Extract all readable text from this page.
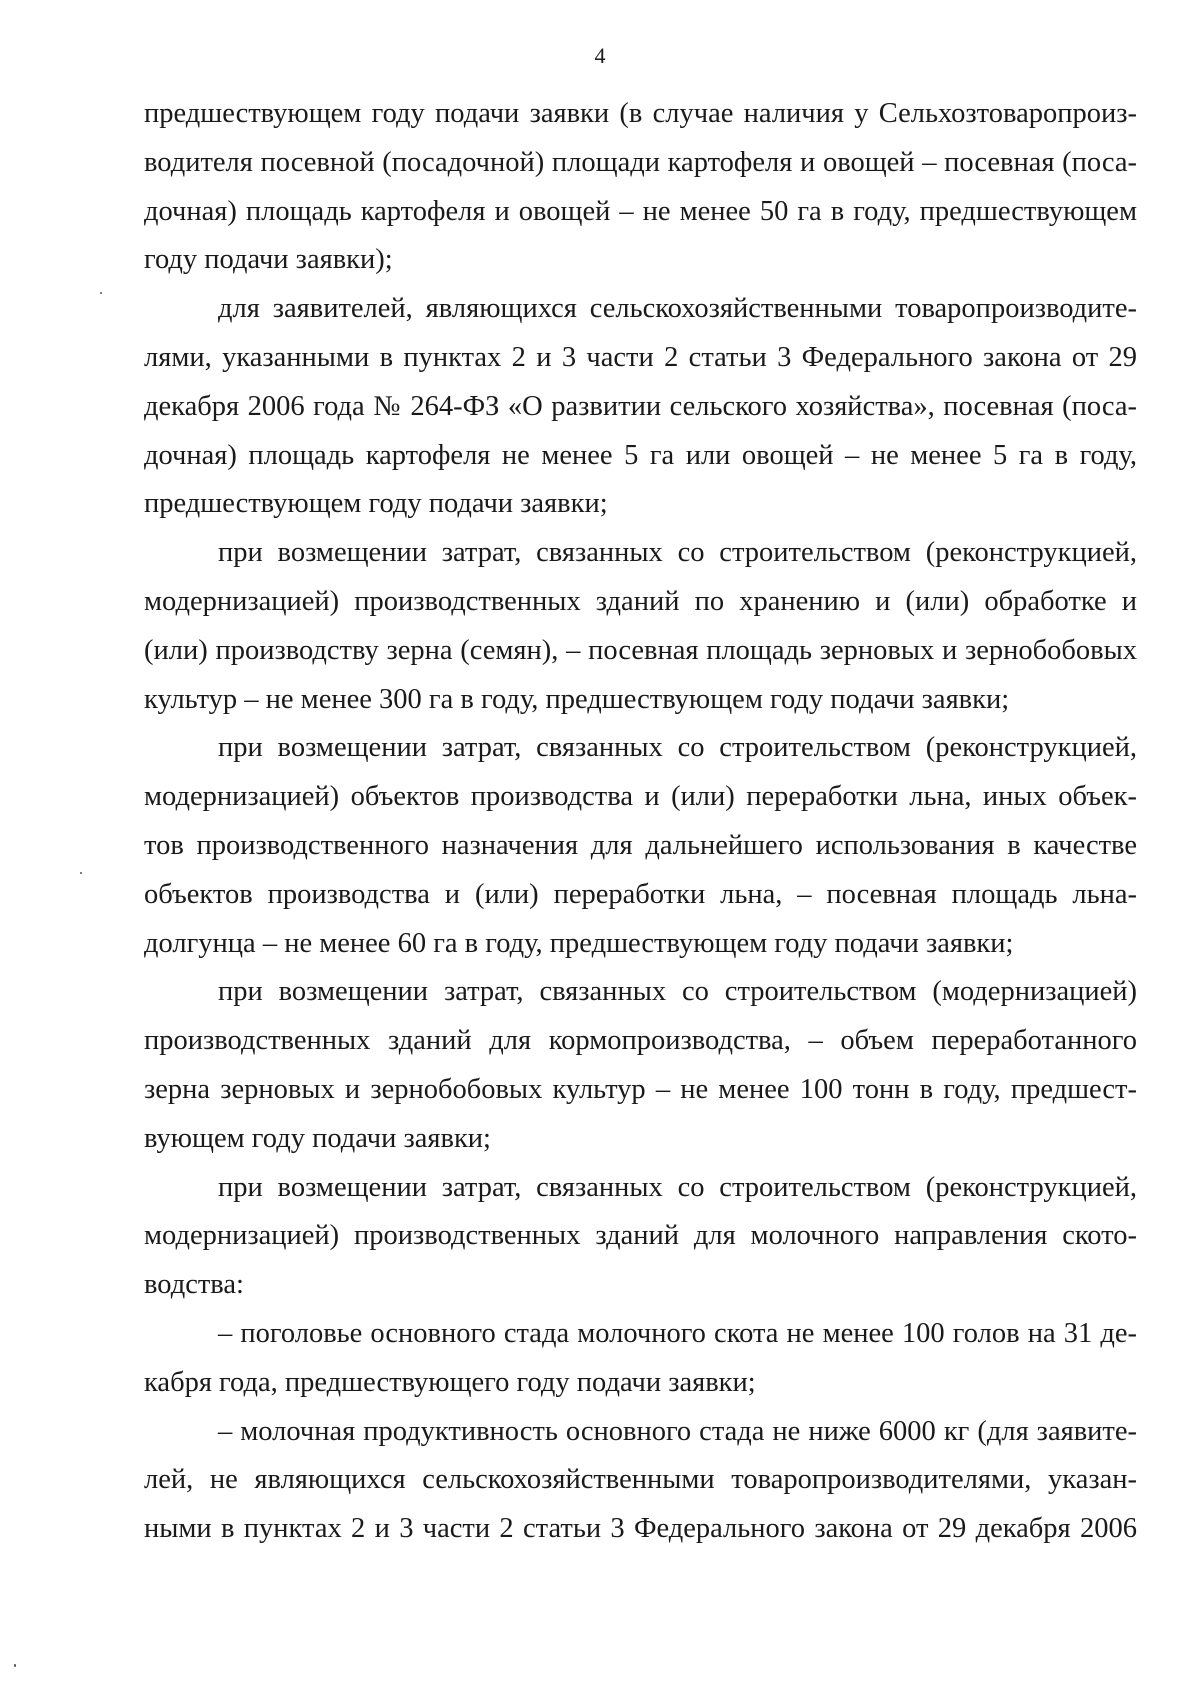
4
предшествующем году подачи заявки (в случае наличия у Сельхозтоваропроиз-
водителя посевной (посадочной) площади картофеля и овощей – посевная (поса-
дочная) площадь картофеля и овощей – не менее 50 га в году, предшествующем
году подачи заявки);
для заявителей, являющихся сельскохозяйственными товаропроизводите-
лями, указанными в пунктах 2 и 3 части 2 статьи 3 Федерального закона от 29
декабря 2006 года № 264-ФЗ «О развитии сельского хозяйства», посевная (поса-
дочная) площадь картофеля не менее 5 га или овощей – не менее 5 га в году,
предшествующем году подачи заявки;
при возмещении затрат, связанных со строительством (реконструкцией,
модернизацией) производственных зданий по хранению и (или) обработке и
(или) производству зерна (семян), – посевная площадь зерновых и зернобобовых
культур – не менее 300 га в году, предшествующем году подачи заявки;
при возмещении затрат, связанных со строительством (реконструкцией,
модернизацией) объектов производства и (или) переработки льна, иных объек-
тов производственного назначения для дальнейшего использования в качестве
объектов производства и (или) переработки льна, – посевная площадь льна-
долгунца – не менее 60 га в году, предшествующем году подачи заявки;
при возмещении затрат, связанных со строительством (модернизацией)
производственных зданий для кормопроизводства, – объем переработанного
зерна зерновых и зернобобовых культур – не менее 100 тонн в году, предшест-
вующем году подачи заявки;
при возмещении затрат, связанных со строительством (реконструкцией,
модернизацией) производственных зданий для молочного направления ското-
водства:
– поголовье основного стада молочного скота не менее 100 голов на 31 де-
кабря года, предшествующего году подачи заявки;
– молочная продуктивность основного стада не ниже 6000 кг (для заявите-
лей, не являющихся сельскохозяйственными товаропроизводителями, указан-
ными в пунктах 2 и 3 части 2 статьи 3 Федерального закона от 29 декабря 2006
